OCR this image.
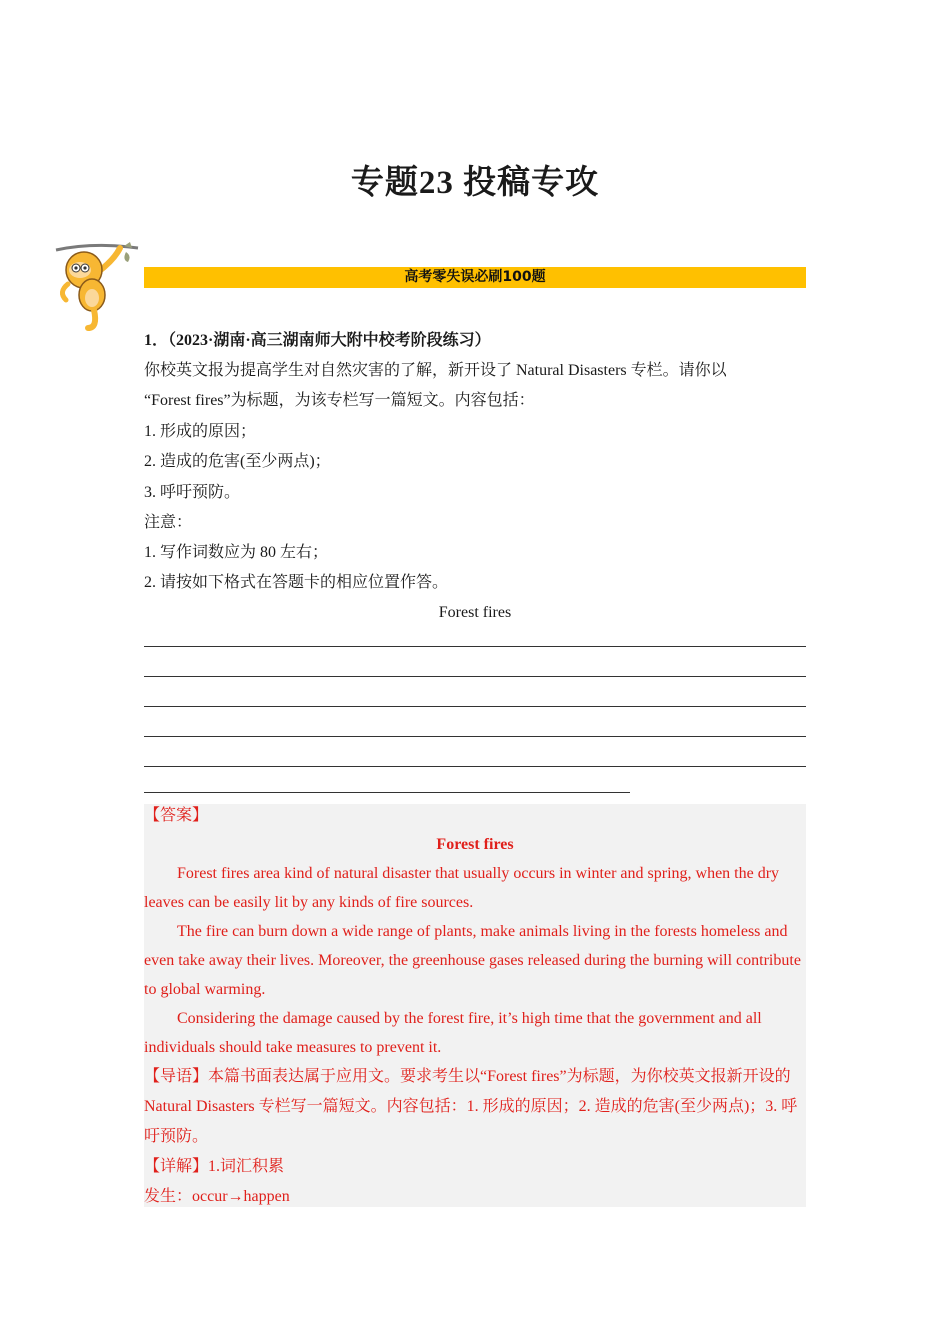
专题23 投稿专攻
高考零失误必刷100题
1．（2023·湖南·高三湖南师大附中校考阶段练习）
你校英文报为提高学生对自然灾害的了解，新开设了 Natural Disasters 专栏。请你以
“Forest fires”为标题，为该专栏写一篇短文。内容包括：
1. 形成的原因；
2. 造成的危害(至少两点)；
3. 呼吁预防。
注意：
1. 写作词数应为 80 左右；
2. 请按如下格式在答题卡的相应位置作答。
Forest fires

【答案】

Forest fires

Forest fires area kind of natural disaster that usually occurs in winter and spring, when the dry leaves can be easily lit by any kinds of fire sources.

The fire can burn down a wide range of plants, make animals living in the forests homeless and even take away their lives. Moreover, the greenhouse gases released during the burning will contribute to global warming.

Considering the damage caused by the forest fire, it’s high time that the government and all individuals should take measures to prevent it.

【导语】本篇书面表达属于应用文。要求考生以“Forest fires”为标题，为你校英文报新开设的 Natural Disasters 专栏写一篇短文。内容包括：1. 形成的原因；2. 造成的危害(至少两点)；3. 呼吁预防。

【详解】1.词汇积累

发生：occur→happen
